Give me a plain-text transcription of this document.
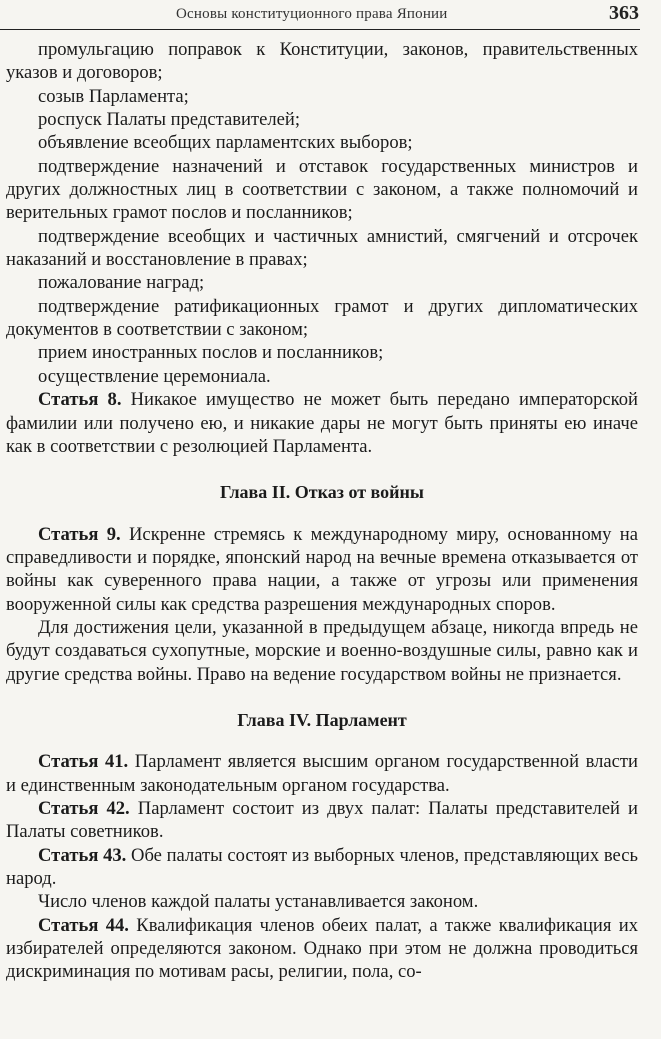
Основы конституционного права Японии	363

промульгацию поправок к Конституции, законов, правительственных указов и договоров;

созыв Парламента;

роспуск Палаты представителей;

объявление всеобщих парламентских выборов;

подтверждение назначений и отставок государственных министров и других должностных лиц в соответствии с законом, а также полномочий и верительных грамот послов и посланников;

подтверждение всеобщих и частичных амнистий, смягчений и отсрочек наказаний и восстановление в правах;

пожалование наград;

подтверждение ратификационных грамот и других дипломатических документов в соответствии с законом;

прием иностранных послов и посланников;

осуществление церемониала.

Статья 8. Никакое имущество не может быть передано императорской фамилии или получено ею, и никакие дары не могут быть приняты ею иначе как в соответствии с резолюцией Парламента.

Глава II. Отказ от войны

Статья 9. Искренне стремясь к международному миру, основанному на справедливости и порядке, японский народ на вечные времена отказывается от войны как суверенного права нации, а также от угрозы или применения вооруженной силы как средства разрешения международных споров.

Для достижения цели, указанной в предыдущем абзаце, никогда впредь не будут создаваться сухопутные, морские и военно-воздушные силы, равно как и другие средства войны. Право на ведение государством войны не признается.

Глава IV. Парламент

Статья 41. Парламент является высшим органом государственной власти и единственным законодательным органом государства.

Статья 42. Парламент состоит из двух палат: Палаты представителей и Палаты советников.

Статья 43. Обе палаты состоят из выборных членов, представляющих весь народ.

Число членов каждой палаты устанавливается законом.

Статья 44. Квалификация членов обеих палат, а также квалификация их избирателей определяются законом. Однако при этом не должна проводиться дискриминация по мотивам расы, религии, пола, со-
